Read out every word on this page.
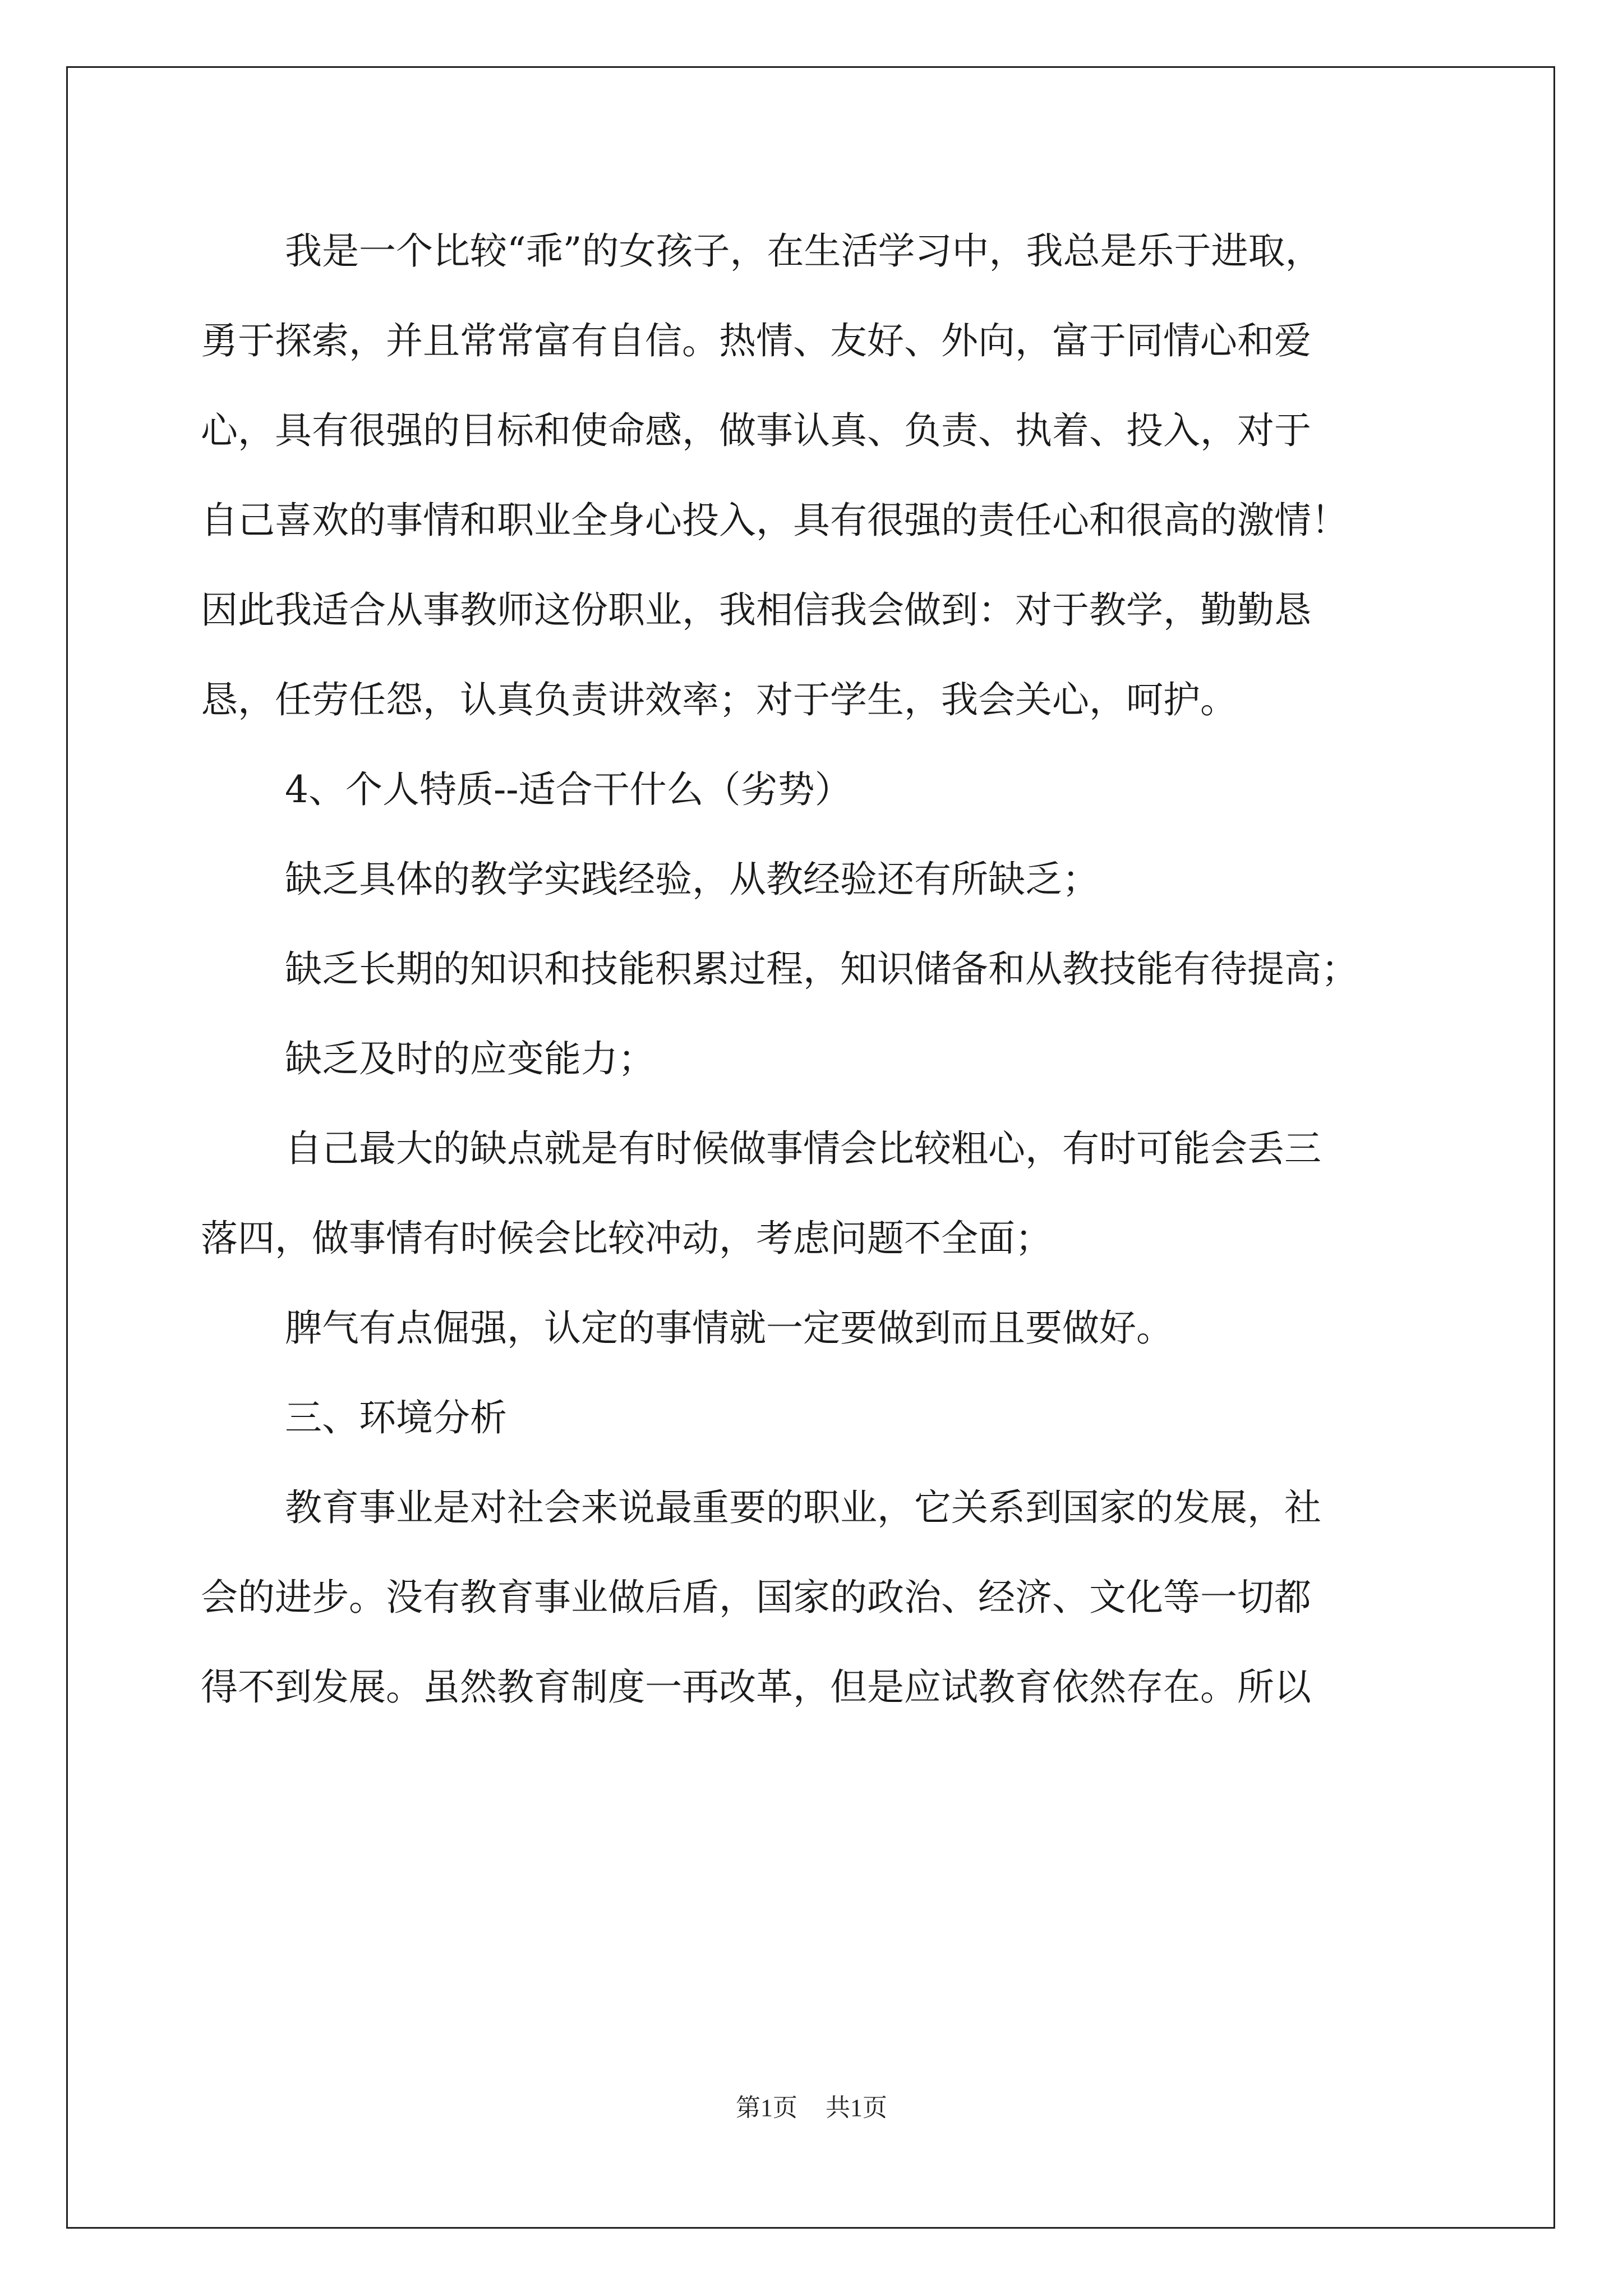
我是一个比较“乖”的女孩子，在生活学习中，我总是乐于进取，

勇于探索，并且常常富有自信。热情、友好、外向，富于同情心和爱

心，具有很强的目标和使命感，做事认真、负责、执着、投入，对于

自己喜欢的事情和职业全身心投入，具有很强的责任心和很高的激情！

因此我适合从事教师这份职业，我相信我会做到：对于教学，勤勤恳

恳，任劳任怨，认真负责讲效率；对于学生，我会关心，呵护。

4、个人特质--适合干什么（劣势）

缺乏具体的教学实践经验，从教经验还有所缺乏；

缺乏长期的知识和技能积累过程，知识储备和从教技能有待提高；

缺乏及时的应变能力；

自己最大的缺点就是有时候做事情会比较粗心，有时可能会丢三

落四，做事情有时候会比较冲动，考虑问题不全面；

脾气有点倔强，认定的事情就一定要做到而且要做好。

三、环境分析

教育事业是对社会来说最重要的职业，它关系到国家的发展，社

会的进步。没有教育事业做后盾，国家的政治、经济、文化等一切都

得不到发展。虽然教育制度一再改革，但是应试教育依然存在。所以

第1页 共1页
